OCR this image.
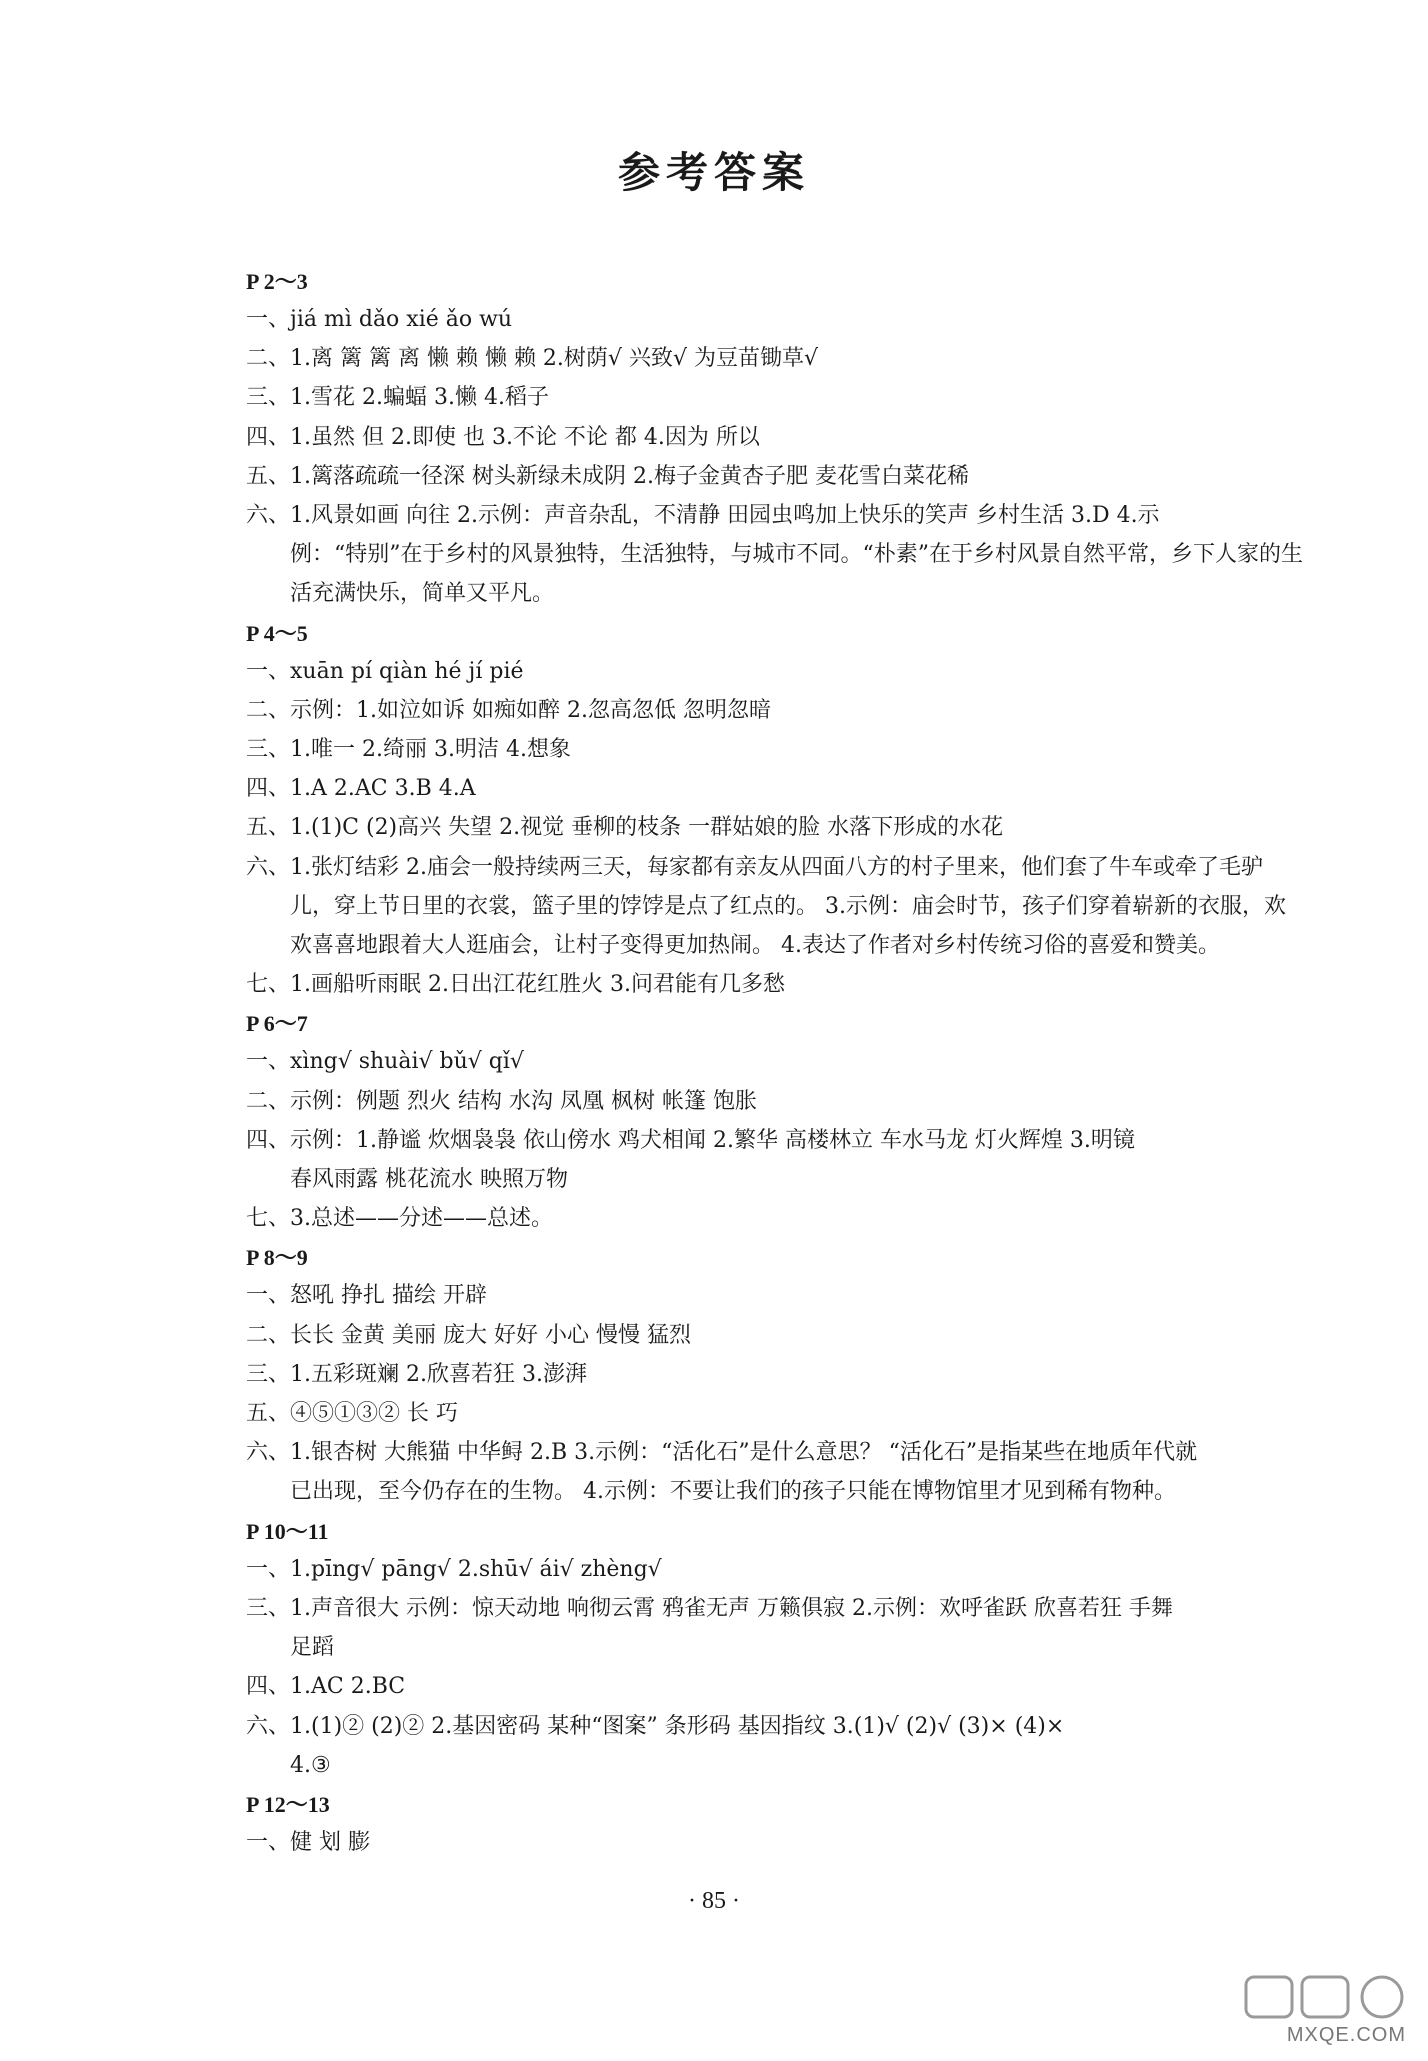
参考答案
P 2～3
一、jiá mì dǎo xié ǎo wú
二、1.离 篱 篱 离 懒 赖 懒 赖 2.树荫√ 兴致√ 为豆苗锄草√
三、1.雪花 2.蝙蝠 3.懒 4.稻子
四、1.虽然 但 2.即使 也 3.不论 不论 都 4.因为 所以
五、1.篱落疏疏一径深 树头新绿未成阴 2.梅子金黄杏子肥 麦花雪白菜花稀
六、1.风景如画 向往 2.示例：声音杂乱，不清静 田园虫鸣加上快乐的笑声 乡村生活 3.D 4.示
例：“特别”在于乡村的风景独特，生活独特，与城市不同。“朴素”在于乡村风景自然平常，乡下人家的生
活充满快乐，简单又平凡。
P 4～5
一、xuān pí qiàn hé jí pié
二、示例：1.如泣如诉 如痴如醉 2.忽高忽低 忽明忽暗
三、1.唯一 2.绮丽 3.明洁 4.想象
四、1.A 2.AC 3.B 4.A
五、1.(1)C (2)高兴 失望 2.视觉 垂柳的枝条 一群姑娘的脸 水落下形成的水花
六、1.张灯结彩 2.庙会一般持续两三天，每家都有亲友从四面八方的村子里来，他们套了牛车或牵了毛驴
儿，穿上节日里的衣裳，篮子里的饽饽是点了红点的。 3.示例：庙会时节，孩子们穿着崭新的衣服，欢
欢喜喜地跟着大人逛庙会，让村子变得更加热闹。 4.表达了作者对乡村传统习俗的喜爱和赞美。
七、1.画船听雨眠 2.日出江花红胜火 3.问君能有几多愁
P 6～7
一、xìng√ shuài√ bǔ√ qǐ√
二、示例：例题 烈火 结构 水沟 凤凰 枫树 帐篷 饱胀
四、示例：1.静谧 炊烟袅袅 依山傍水 鸡犬相闻 2.繁华 高楼林立 车水马龙 灯火辉煌 3.明镜
春风雨露 桃花流水 映照万物
七、3.总述——分述——总述。
P 8～9
一、怒吼 挣扎 描绘 开辟
二、长长 金黄 美丽 庞大 好好 小心 慢慢 猛烈
三、1.五彩斑斓 2.欣喜若狂 3.澎湃
五、④⑤①③② 长 巧
六、1.银杏树 大熊猫 中华鲟 2.B 3.示例：“活化石”是什么意思？ “活化石”是指某些在地质年代就
已出现，至今仍存在的生物。 4.示例：不要让我们的孩子只能在博物馆里才见到稀有物种。
P 10～11
一、1.pīng√ pāng√ 2.shū√ ái√ zhèng√
三、1.声音很大 示例：惊天动地 响彻云霄 鸦雀无声 万籁俱寂 2.示例：欢呼雀跃 欣喜若狂 手舞
足蹈
四、1.AC 2.BC
六、1.(1)② (2)② 2.基因密码 某种“图案” 条形码 基因指纹 3.(1)√ (2)√ (3)× (4)×
4.③
P 12～13
一、健 划 膨
· 85 ·
MXQE.COM
